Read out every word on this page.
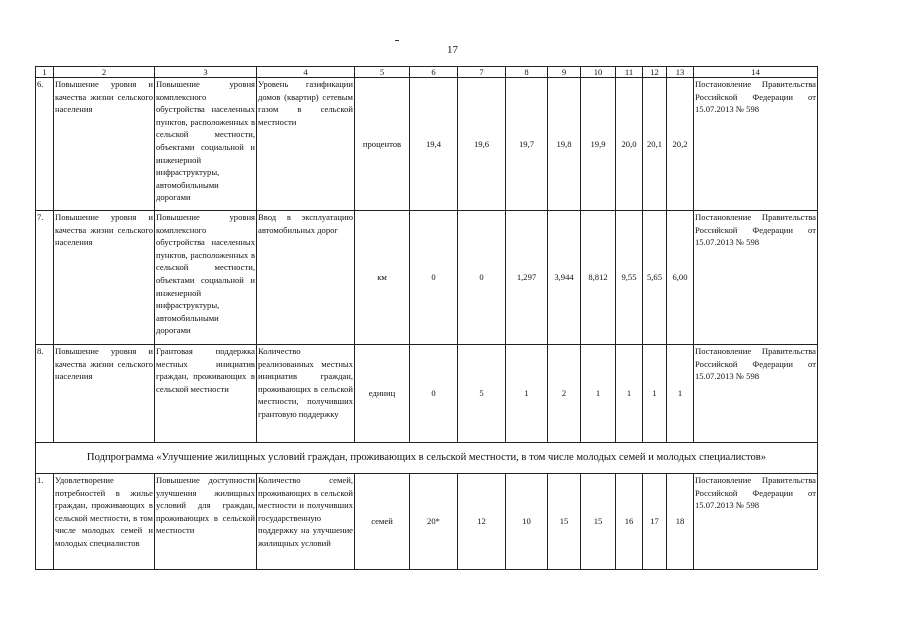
17
1	2	3	4	5	6	7	8	9	10	11	12	13	14
6.	Повышение уровня и качества жизни сельского населения	Повышение уровня комплексного обустройства населенных пунктов, расположенных в сельской местности, объектами социальной и инженерной инфраструктуры, автомобильными дорогами	Уровень газификации домов (квартир) сетевым газом в сельской местности	процентов	19,4	19,6	19,7	19,8	19,9	20,0	20,1	20,2	Постановление Правительства Российской Федерации от 15.07.2013 № 598
7.	Повышение уровня и качества жизни сельского населения	Повышение уровня комплексного обустройства населенных пунктов, расположенных в сельской местности, объектами социальной и инженерной инфраструктуры, автомобильными дорогами	Ввод в эксплуатацию автомобильных дорог	км	0	0	1,297	3,944	8,812	9,55	5,65	6,00	Постановление Правительства Российской Федерации от 15.07.2013 № 598
8.	Повышение уровня и качества жизни сельского населения	Грантовая поддержка местных инициатив граждан, проживающих в сельской местности	Количество реализованных местных инициатив граждан, проживающих в сельской местности, получивших грантовую поддержку	единиц	0	5	1	2	1	1	1	1	Постановление Правительства Российской Федерации от 15.07.2013 № 598
Подпрограмма «Улучшение жилищных условий граждан, проживающих в сельской местности, в том числе молодых семей и молодых специалистов»													
1.	Удовлетворение потребностей в жилье граждан, проживающих в сельской местности, в том числе молодых семей и молодых специалистов	Повышение доступности улучшения жилищных условий для граждан, проживающих в сельской местности	Количество семей, проживающих в сельской местности и получивших государственную поддержку на улучшение жилищных условий	семей	20*	12	10	15	15	16	17	18	Постановление Правительства Российской Федерации от 15.07.2013 № 598
